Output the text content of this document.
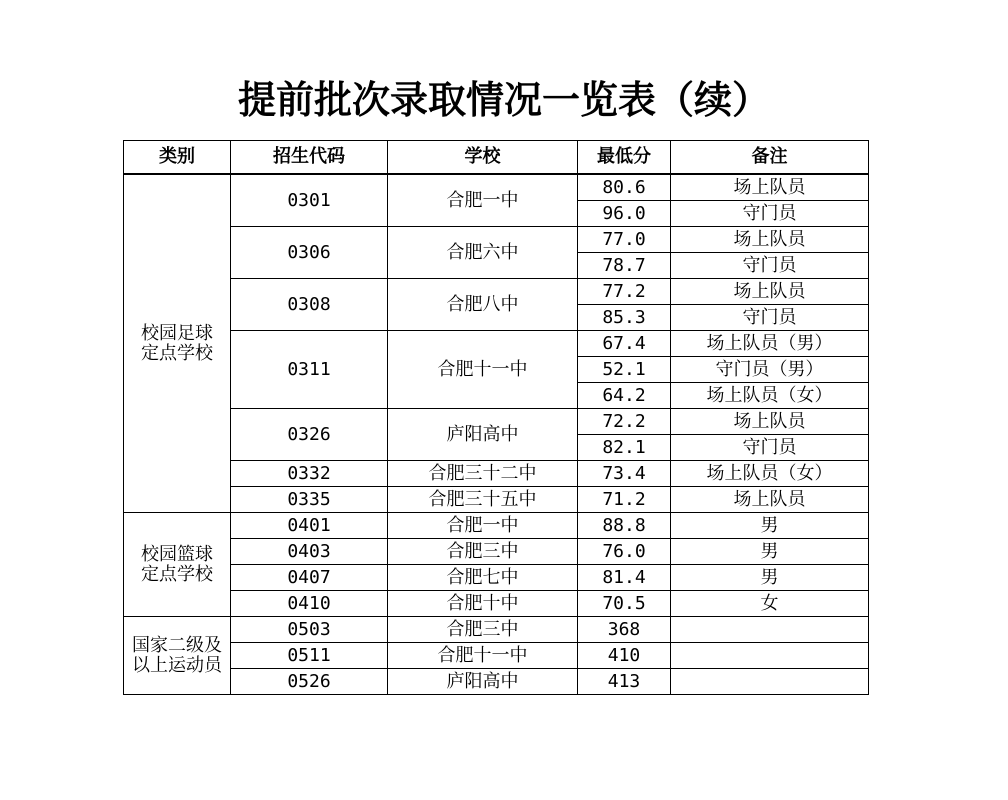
提前批次录取情况一览表（续）
类别	招生代码	学校	最低分	备注

校园足球
定点学校	0301	合肥一中	80.6	场上队员
			96.0	守门员
	0306	合肥六中	77.0	场上队员
			78.7	守门员
	0308	合肥八中	77.2	场上队员
			85.3	守门员
	0311	合肥十一中	67.4	场上队员（男）
			52.1	守门员（男）
			64.2	场上队员（女）
	0326	庐阳高中	72.2	场上队员
			82.1	守门员
	0332	合肥三十二中	73.4	场上队员（女）
	0335	合肥三十五中	71.2	场上队员

校园篮球
定点学校	0401	合肥一中	88.8	男
	0403	合肥三中	76.0	男
	0407	合肥七中	81.4	男
	0410	合肥十中	70.5	女

国家二级及
以上运动员	0503	合肥三中	368	
	0511	合肥十一中	410	
	0526	庐阳高中	413	
